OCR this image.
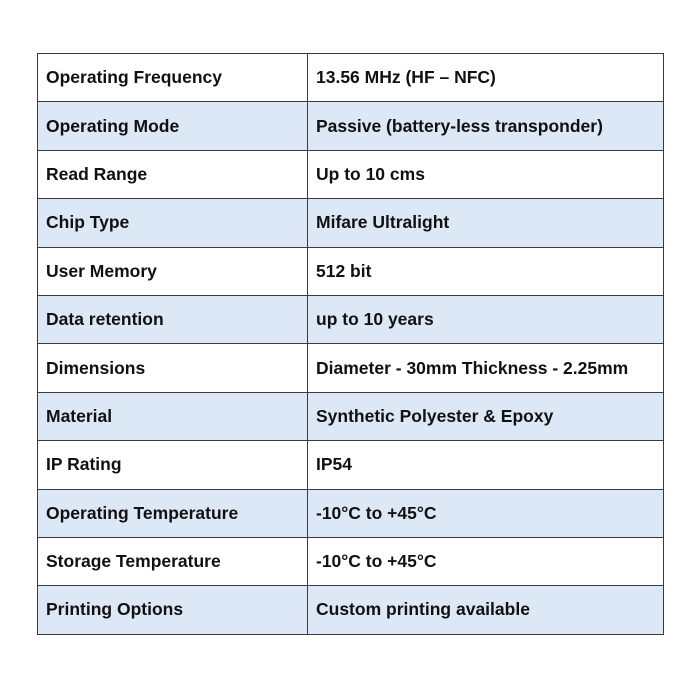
Operating Frequency	13.56 MHz (HF – NFC)
Operating Mode	Passive (battery-less transponder)
Read Range	Up to 10 cms
Chip Type	Mifare Ultralight
User Memory	512 bit
Data retention	up to 10 years
Dimensions	Diameter - 30mm Thickness - 2.25mm
Material	Synthetic Polyester & Epoxy
IP Rating	IP54
Operating Temperature	-10°C to +45°C
Storage Temperature	-10°C to +45°C
Printing Options	Custom printing available
